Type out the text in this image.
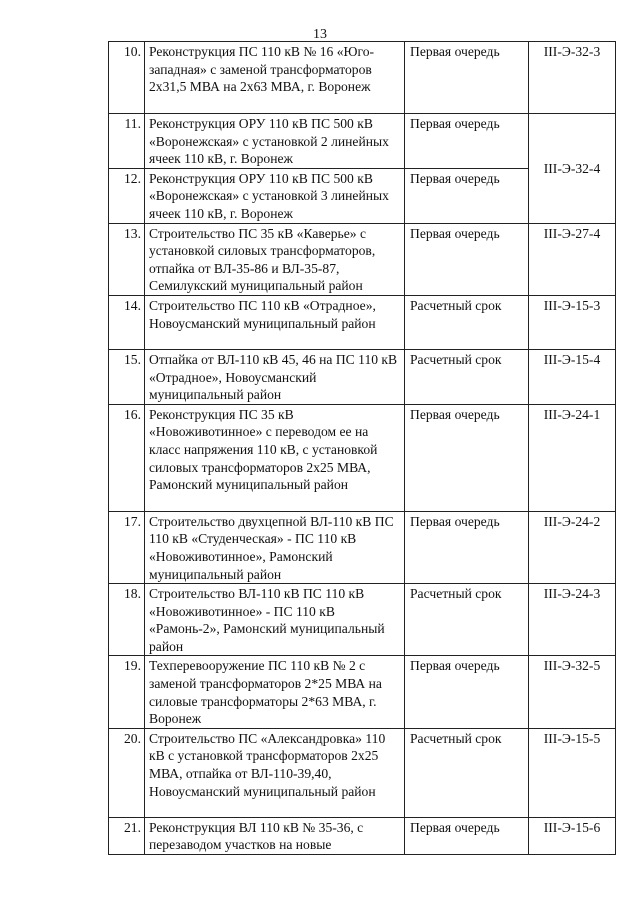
13
10.	Реконструкция ПС 110 кВ № 16 «Юго-западная» с заменой трансформаторов 2х31,5 МВА на 2х63 МВА, г. Воронеж	Первая очередь	III-Э-32-3
11.	Реконструкция ОРУ 110 кВ ПС 500 кВ «Воронежская» с установкой 2 линейных ячеек 110 кВ, г. Воронеж	Первая очередь	III-Э-32-4
12.	Реконструкция ОРУ 110 кВ ПС 500 кВ «Воронежская» с установкой 3 линейных ячеек 110 кВ, г. Воронеж	Первая очередь	
13.	Строительство ПС 35 кВ «Каверье» с установкой силовых трансформаторов, отпайка от ВЛ-35-86 и ВЛ-35-87, Семилукский муниципальный район	Первая очередь	III-Э-27-4
14.	Строительство ПС 110 кВ «Отрадное», Новоусманский муниципальный район	Расчетный срок	III-Э-15-3
15.	Отпайка от ВЛ-110 кВ 45, 46 на ПС 110 кВ «Отрадное», Новоусманский муниципальный район	Расчетный срок	III-Э-15-4
16.	Реконструкция ПС 35 кВ «Новоживотинное» с переводом ее на класс напряжения 110 кВ, с установкой силовых трансформаторов 2х25 МВА, Рамонский муниципальный район	Первая очередь	III-Э-24-1
17.	Строительство двухцепной ВЛ-110 кВ ПС 110 кВ «Студенческая» - ПС 110 кВ «Новоживотинное», Рамонский муниципальный район	Первая очередь	III-Э-24-2
18.	Строительство ВЛ-110 кВ ПС 110 кВ «Новоживотинное» - ПС 110 кВ «Рамонь-2», Рамонский муниципальный район	Расчетный срок	III-Э-24-3
19.	Техперевооружение ПС 110 кВ № 2 с заменой трансформаторов 2*25 МВА на силовые трансформаторы 2*63 МВА, г. Воронеж	Первая очередь	III-Э-32-5
20.	Строительство ПС «Александровка» 110 кВ с установкой трансформаторов 2х25 МВА, отпайка от ВЛ-110-39,40, Новоусманский муниципальный район	Расчетный срок	III-Э-15-5
21.	Реконструкция ВЛ 110 кВ № 35-36, с перезаводом участков на новые	Первая очередь	III-Э-15-6
